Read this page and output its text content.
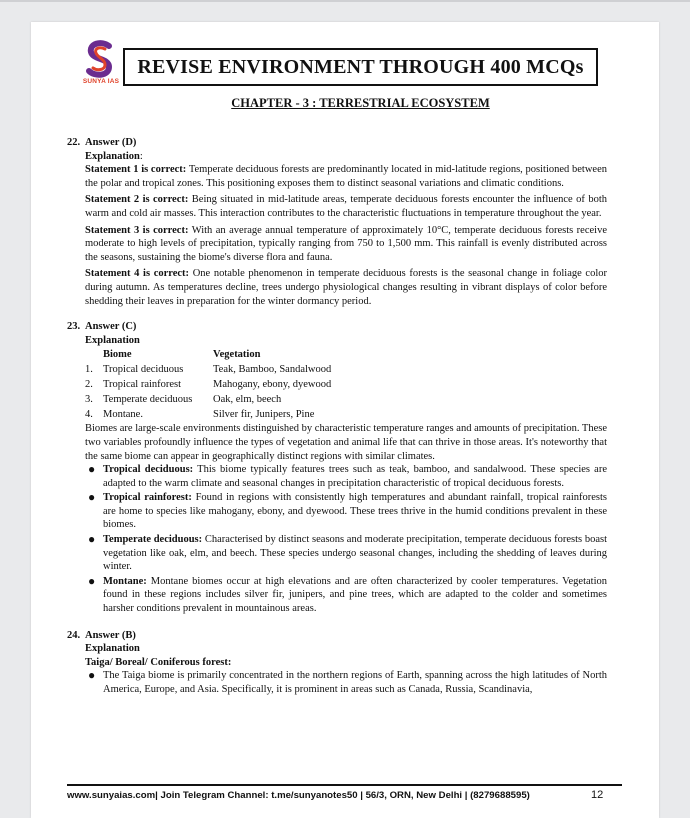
SUNYA IAS
REVISE ENVIRONMENT THROUGH 400 MCQs
CHAPTER - 3 : TERRESTRIAL ECOSYSTEM
22. Answer (D)
Explanation:

Statement 1 is correct: Temperate deciduous forests are predominantly located in mid-latitude regions, positioned between the polar and tropical zones. This positioning exposes them to distinct seasonal variations and climatic conditions.

Statement 2 is correct: Being situated in mid-latitude areas, temperate deciduous forests encounter the influence of both warm and cold air masses. This interaction contributes to the characteristic fluctuations in temperature throughout the year.

Statement 3 is correct: With an average annual temperature of approximately 10°C, temperate deciduous forests receive moderate to high levels of precipitation, typically ranging from 750 to 1,500 mm. This rainfall is evenly distributed across the seasons, sustaining the biome's diverse flora and fauna.

Statement 4 is correct: One notable phenomenon in temperate deciduous forests is the seasonal change in foliage color during autumn. As temperatures decline, trees undergo physiological changes resulting in vibrant displays of color before shedding their leaves in preparation for the winter dormancy period.

23. Answer (C)
Explanation
	Biome	Vegetation
1.	Tropical deciduous	Teak, Bamboo, Sandalwood
2.	Tropical rainforest	Mahogany, ebony, dyewood
3.	Temperate deciduous	Oak, elm, beech
4.	Montane.	Silver fir, Junipers, Pine

Biomes are large-scale environments distinguished by characteristic temperature ranges and amounts of precipitation. These two variables profoundly influence the types of vegetation and animal life that can thrive in those areas. It's noteworthy that the same biome can appear in geographically distinct regions with similar climates.

● Tropical deciduous: This biome typically features trees such as teak, bamboo, and sandalwood. These species are adapted to the warm climate and seasonal changes in precipitation characteristic of tropical deciduous forests.
● Tropical rainforest: Found in regions with consistently high temperatures and abundant rainfall, tropical rainforests are home to species like mahogany, ebony, and dyewood. These trees thrive in the humid conditions prevalent in these biomes.
● Temperate deciduous: Characterised by distinct seasons and moderate precipitation, temperate deciduous forests boast vegetation like oak, elm, and beech. These species undergo seasonal changes, including the shedding of leaves during winter.
● Montane: Montane biomes occur at high elevations and are often characterized by cooler temperatures. Vegetation found in these regions includes silver fir, junipers, and pine trees, which are adapted to the colder and sometimes harsher conditions prevalent in mountainous areas.
24. Answer (B)
Explanation
Taiga/ Boreal/ Coniferous forest:
● The Taiga biome is primarily concentrated in the northern regions of Earth, spanning across the high latitudes of North America, Europe, and Asia. Specifically, it is prominent in areas such as Canada, Russia, Scandinavia,
www.sunyaias.com| Join Telegram Channel: t.me/sunyanotes50 | 56/3, ORN, New Delhi | (8279688595)	12
